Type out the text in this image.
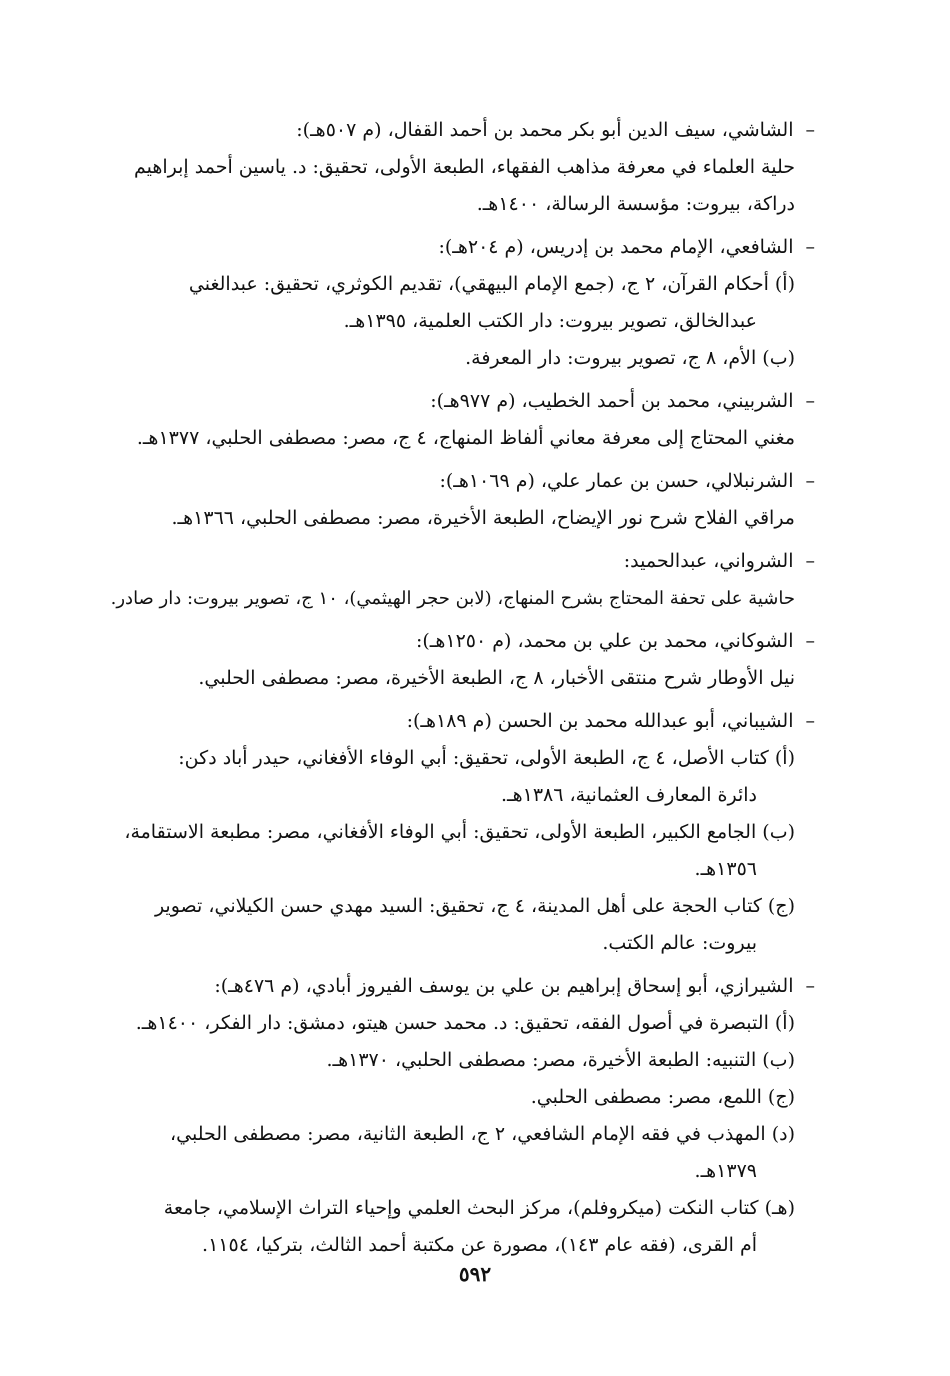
–الشاشي، سيف الدين أبو بكر محمد بن أحمد القفال، (م ٥٠٧هـ):
حلية العلماء في معرفة مذاهب الفقهاء، الطبعة الأولى، تحقيق: د. ياسين أحمد إبراهيم
دراكة، بيروت: مؤسسة الرسالة، ١٤٠٠هـ.
–الشافعي، الإمام محمد بن إدريس، (م ٢٠٤هـ):
(أ) أحكام القرآن، ٢ ج، (جمع الإمام البيهقي)، تقديم الكوثري، تحقيق: عبدالغني
عبدالخالق، تصوير بيروت: دار الكتب العلمية، ١٣٩٥هـ.
(ب) الأم، ٨ ج، تصوير بيروت: دار المعرفة.
–الشربيني، محمد بن أحمد الخطيب، (م ٩٧٧هـ):
مغني المحتاج إلى معرفة معاني ألفاظ المنهاج، ٤ ج، مصر: مصطفى الحلبي، ١٣٧٧هـ.
–الشرنبلالي، حسن بن عمار علي، (م ١٠٦٩هـ):
مراقي الفلاح شرح نور الإيضاح، الطبعة الأخيرة، مصر: مصطفى الحلبي، ١٣٦٦هـ.
–الشرواني، عبدالحميد:
حاشية على تحفة المحتاج بشرح المنهاج، (لابن حجر الهيثمي)، ١٠ ج، تصوير بيروت: دار صادر.
–الشوكاني، محمد بن علي بن محمد، (م ١٢٥٠هـ):
نيل الأوطار شرح منتقى الأخبار، ٨ ج، الطبعة الأخيرة، مصر: مصطفى الحلبي.
–الشيباني، أبو عبدالله محمد بن الحسن (م ١٨٩هـ):
(أ) كتاب الأصل، ٤ ج، الطبعة الأولى، تحقيق: أبي الوفاء الأفغاني، حيدر أباد دكن:
دائرة المعارف العثمانية، ١٣٨٦هـ.
(ب) الجامع الكبير، الطبعة الأولى، تحقيق: أبي الوفاء الأفغاني، مصر: مطبعة الاستقامة،
١٣٥٦هـ.
(ج) كتاب الحجة على أهل المدينة، ٤ ج، تحقيق: السيد مهدي حسن الكيلاني، تصوير
بيروت: عالم الكتب.
–الشيرازي، أبو إسحاق إبراهيم بن علي بن يوسف الفيروز أبادي، (م ٤٧٦هـ):
(أ) التبصرة في أصول الفقه، تحقيق: د. محمد حسن هيتو، دمشق: دار الفكر، ١٤٠٠هـ.
(ب) التنبيه: الطبعة الأخيرة، مصر: مصطفى الحلبي، ١٣٧٠هـ.
(ج) اللمع، مصر: مصطفى الحلبي.
(د) المهذب في فقه الإمام الشافعي، ٢ ج، الطبعة الثانية، مصر: مصطفى الحلبي،
١٣٧٩هـ.
(هـ) كتاب النكت (ميكروفلم)، مركز البحث العلمي وإحياء التراث الإسلامي، جامعة
أم القرى، (فقه عام ١٤٣)، مصورة عن مكتبة أحمد الثالث، بتركيا، ١١٥٤.
٥٩٢
